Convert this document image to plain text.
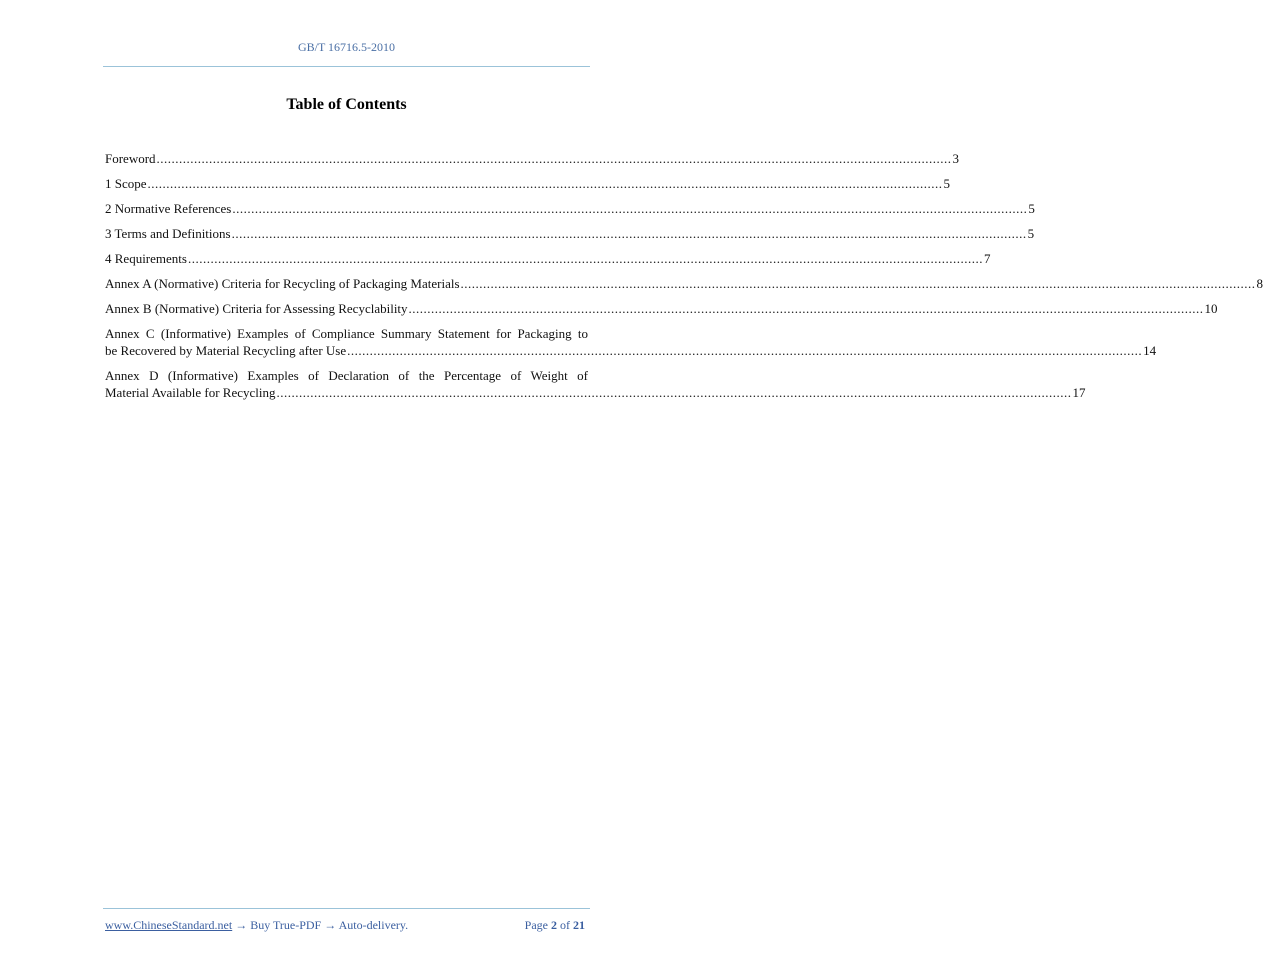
GB/T 16716.5-2010
Table of Contents
Foreword .................................................................................................................................................................................................................... 3
1 Scope .................................................................................................................................................................................................................... 5
2 Normative References .................................................................................................................................................................................................................... 5
3 Terms and Definitions .................................................................................................................................................................................................................... 5
4 Requirements .................................................................................................................................................................................................................... 7
Annex A (Normative) Criteria for Recycling of Packaging Materials .................................................................................................................................................................................................................... 8
Annex B (Normative) Criteria for Assessing Recyclability .................................................................................................................................................................................................................... 10
Annex C (Informative) Examples of Compliance Summary Statement for Packaging to
be Recovered by Material Recycling after Use .................................................................................................................................................................................................................... 14
Annex D (Informative) Examples of Declaration of the Percentage of Weight of
Material Available for Recycling .................................................................................................................................................................................................................... 17
www.ChineseStandard.net → Buy True-PDF → Auto-delivery.	Page 2 of 21
